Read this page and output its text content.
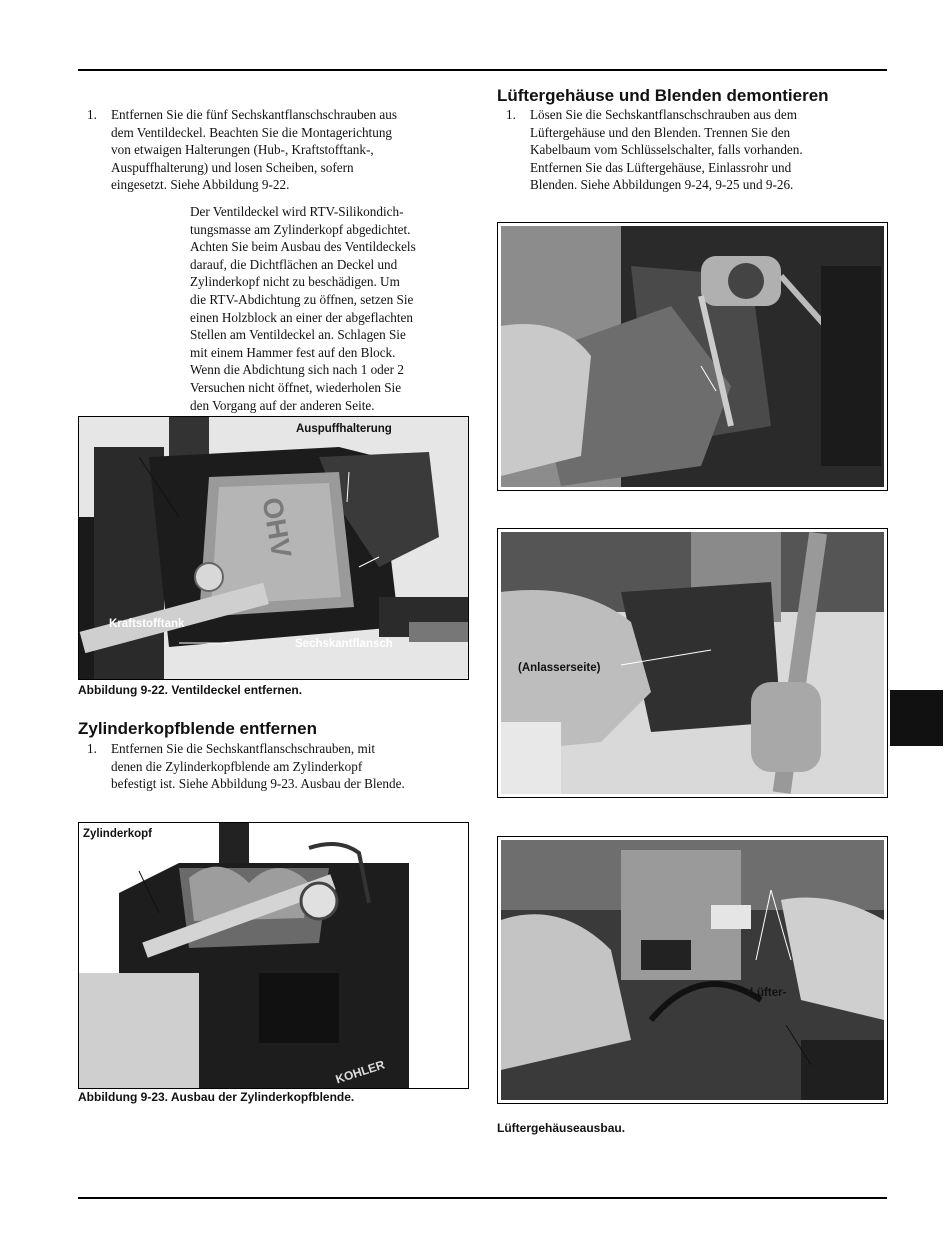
1. Entfernen Sie die fünf Sechskantflanschschrauben aus
dem Ventildeckel. Beachten Sie die Montagerichtung
von etwaigen Halterungen (Hub-, Kraftstofftank-,
Auspuffhalterung) und losen Scheiben, sofern
eingesetzt. Siehe Abbildung 9-22.
Der Ventildeckel wird RTV-Silikondich-
tungsmasse am Zylinderkopf abgedichtet.
Achten Sie beim Ausbau des Ventildeckels
darauf, die Dichtflächen an Deckel und
Zylinderkopf nicht zu beschädigen. Um
die RTV-Abdichtung zu öffnen, setzen Sie
einen Holzblock an einer der abgeflachten
Stellen am Ventildeckel an. Schlagen Sie
mit einem Hammer fest auf den Block.
Wenn die Abdichtung sich nach 1 oder 2
Versuchen nicht öffnet, wiederholen Sie
den Vorgang auf der anderen Seite.
OHV
Auspuffhalterung
Kraftstofftank
Sechskantflansch
Abbildung 9-22. Ventildeckel entfernen.
Zylinderkopfblende entfernen
1. Entfernen Sie die Sechskantflanschschrauben, mit
denen die Zylinderkopfblende am Zylinderkopf
befestigt ist. Siehe Abbildung 9-23. Ausbau der Blende.
KOHLER
Zylinderkopf
Abbildung 9-23. Ausbau der Zylinderkopfblende.
Lüftergehäuse und Blenden demontieren
1. Lösen Sie die Sechskantflanschschrauben aus dem
Lüftergehäuse und den Blenden. Trennen Sie den
Kabelbaum vom Schlüsselschalter, falls vorhanden.
Entfernen Sie das Lüftergehäuse, Einlassrohr und
Blenden. Siehe Abbildungen 9-24, 9-25 und 9-26.
(Anlasserseite)
Lüfter-
Lüftergehäuseausbau.
